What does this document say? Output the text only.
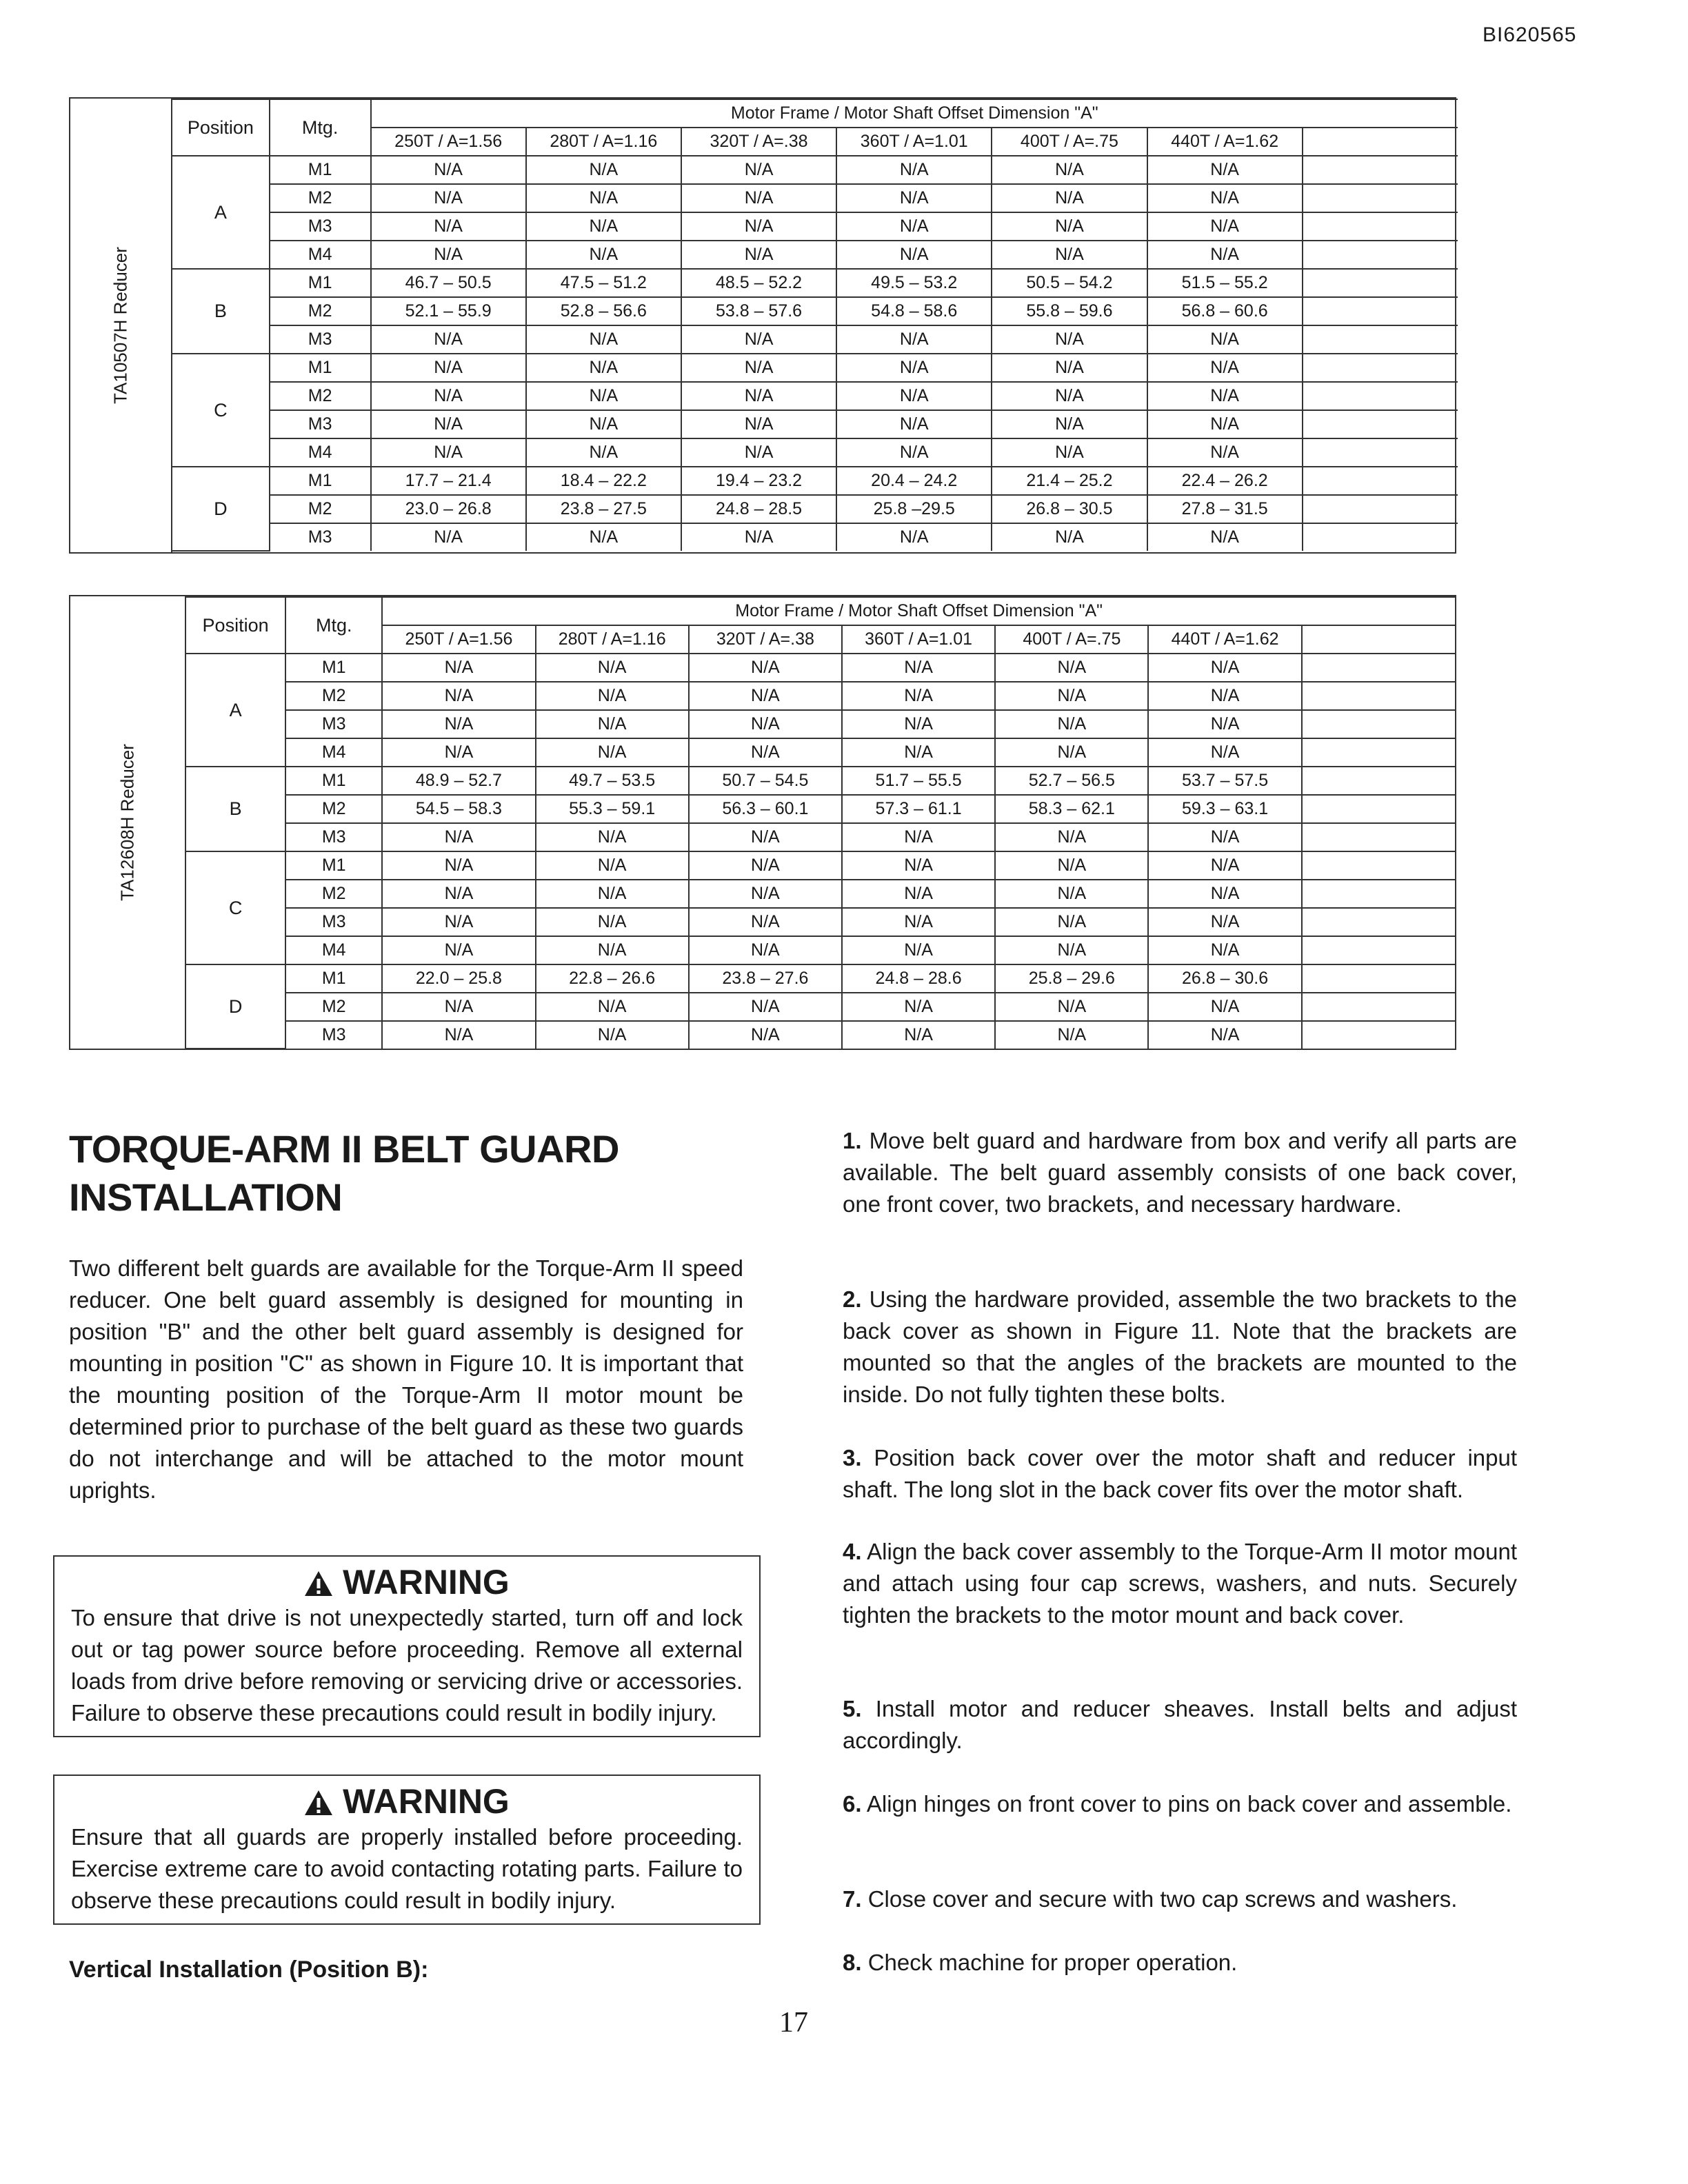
BI620565
TA10507H Reducer
Position	Mtg.	Motor Frame / Motor Shaft Offset Dimension "A"						
		250T / A=1.56	280T / A=1.16	320T / A=.38	360T / A=1.01	400T / A=.75	440T / A=1.62	
A	M1	N/A	N/A	N/A	N/A	N/A	N/A	
	M2	N/A	N/A	N/A	N/A	N/A	N/A	
	M3	N/A	N/A	N/A	N/A	N/A	N/A	
	M4	N/A	N/A	N/A	N/A	N/A	N/A	
B	M1	46.7 – 50.5	47.5 – 51.2	48.5 – 52.2	49.5 – 53.2	50.5 – 54.2	51.5 – 55.2	
	M2	52.1 – 55.9	52.8 – 56.6	53.8 – 57.6	54.8 – 58.6	55.8 – 59.6	56.8 – 60.6	
	M3	N/A	N/A	N/A	N/A	N/A	N/A	
C	M1	N/A	N/A	N/A	N/A	N/A	N/A	
	M2	N/A	N/A	N/A	N/A	N/A	N/A	
	M3	N/A	N/A	N/A	N/A	N/A	N/A	
	M4	N/A	N/A	N/A	N/A	N/A	N/A	
D	M1	17.7 – 21.4	18.4 – 22.2	19.4 – 23.2	20.4 – 24.2	21.4 – 25.2	22.4 – 26.2	
	M2	23.0 – 26.8	23.8 – 27.5	24.8 – 28.5	25.8 –29.5	26.8 – 30.5	27.8 – 31.5	
	M3	N/A	N/A	N/A	N/A	N/A	N/A	
TA12608H Reducer
Position	Mtg.	Motor Frame / Motor Shaft Offset Dimension "A"						
		250T / A=1.56	280T / A=1.16	320T / A=.38	360T / A=1.01	400T / A=.75	440T / A=1.62	
A	M1	N/A	N/A	N/A	N/A	N/A	N/A	
	M2	N/A	N/A	N/A	N/A	N/A	N/A	
	M3	N/A	N/A	N/A	N/A	N/A	N/A	
	M4	N/A	N/A	N/A	N/A	N/A	N/A	
B	M1	48.9 – 52.7	49.7 – 53.5	50.7 – 54.5	51.7 – 55.5	52.7 – 56.5	53.7 – 57.5	
	M2	54.5 – 58.3	55.3 – 59.1	56.3 – 60.1	57.3 – 61.1	58.3 – 62.1	59.3 – 63.1	
	M3	N/A	N/A	N/A	N/A	N/A	N/A	
C	M1	N/A	N/A	N/A	N/A	N/A	N/A	
	M2	N/A	N/A	N/A	N/A	N/A	N/A	
	M3	N/A	N/A	N/A	N/A	N/A	N/A	
	M4	N/A	N/A	N/A	N/A	N/A	N/A	
D	M1	22.0 – 25.8	22.8 – 26.6	23.8 – 27.6	24.8 – 28.6	25.8 – 29.6	26.8 – 30.6	
	M2	N/A	N/A	N/A	N/A	N/A	N/A	
	M3	N/A	N/A	N/A	N/A	N/A	N/A	
TORQUE-ARM II BELT GUARD
INSTALLATION
Two different belt guards are available for the Torque-Arm II speed reducer. One belt guard assembly is designed for mounting in position "B" and the other belt guard assembly is designed for mounting in position "C" as shown in Figure 10. It is important that the mounting position of the Torque-Arm II motor mount be determined prior to purchase of the belt guard as these two guards do not interchange and will be attached to the motor mount uprights.
WARNING
To ensure that drive is not unexpectedly started, turn off and lock out or tag power source before proceeding. Remove all external loads from drive before removing or servicing drive or accessories. Failure to observe these precautions could result in bodily injury.
WARNING
Ensure that all guards are properly installed before proceeding. Exercise extreme care to avoid contacting rotating parts. Failure to observe these precautions could result in bodily injury.
Vertical Installation (Position B):
1. Move belt guard and hardware from box and verify all parts are available. The belt guard assembly consists of one back cover, one front cover, two brackets, and necessary hardware.
2. Using the hardware provided, assemble the two brackets to the back cover as shown in Figure 11. Note that the brackets are mounted so that the angles of the brackets are mounted to the inside. Do not fully tighten these bolts.
3. Position back cover over the motor shaft and reducer input shaft. The long slot in the back cover fits over the motor shaft.
4. Align the back cover assembly to the Torque-Arm II motor mount and attach using four cap screws, washers, and nuts. Securely tighten the brackets to the motor mount and back cover.
5. Install motor and reducer sheaves. Install belts and adjust accordingly.
6. Align hinges on front cover to pins on back cover and assemble.
7. Close cover and secure with two cap screws and washers.
8. Check machine for proper operation.
17
